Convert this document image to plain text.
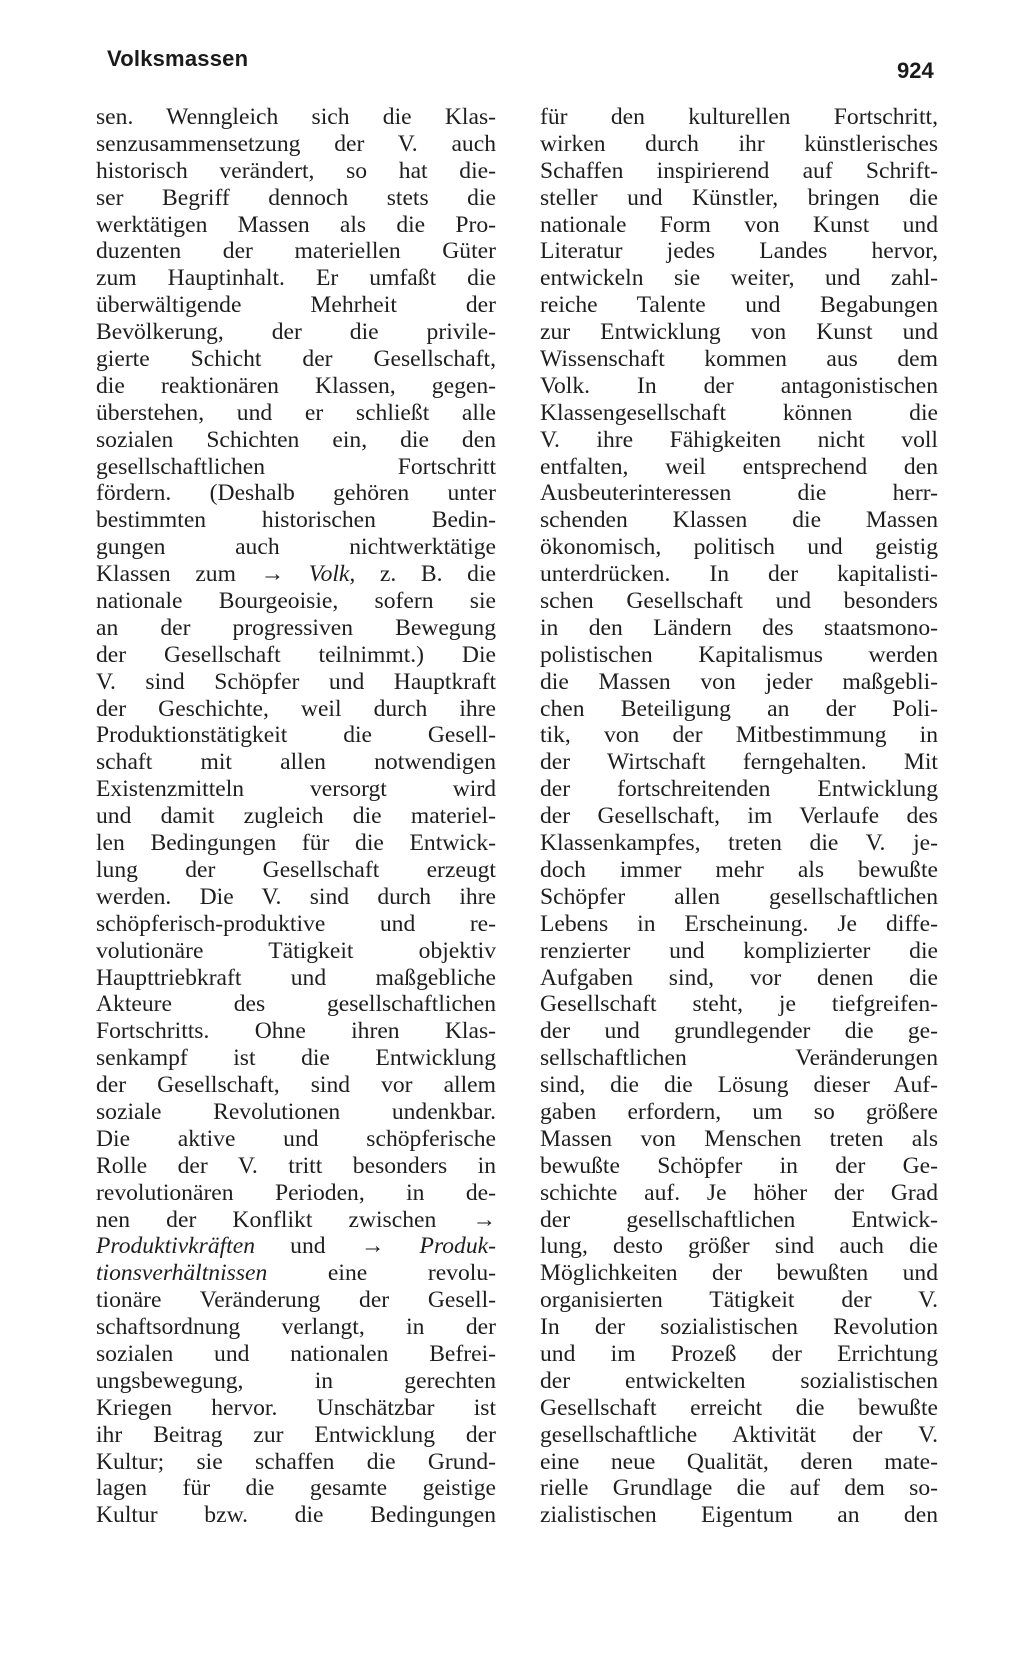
Volksmassen	924
sen. Wenngleich sich die Klas-
senzusammensetzung der V. auch
historisch verändert, so hat die-
ser Begriff dennoch stets die
werktätigen Massen als die Pro-
duzenten der materiellen Güter
zum Hauptinhalt. Er umfaßt die
überwältigende Mehrheit der
Bevölkerung, der die privile-
gierte Schicht der Gesellschaft,
die reaktionären Klassen, gegen-
überstehen, und er schließt alle
sozialen Schichten ein, die den
gesellschaftlichen Fortschritt
fördern. (Deshalb gehören unter
bestimmten historischen Bedin-
gungen auch nichtwerktätige
Klassen zum → Volk, z. B. die
nationale Bourgeoisie, sofern sie
an der progressiven Bewegung
der Gesellschaft teilnimmt.) Die
V. sind Schöpfer und Hauptkraft
der Geschichte, weil durch ihre
Produktionstätigkeit die Gesell-
schaft mit allen notwendigen
Existenzmitteln versorgt wird
und damit zugleich die materiel-
len Bedingungen für die Entwick-
lung der Gesellschaft erzeugt
werden. Die V. sind durch ihre
schöpferisch-produktive und re-
volutionäre Tätigkeit objektiv
Haupttriebkraft und maßgebliche
Akteure des gesellschaftlichen
Fortschritts. Ohne ihren Klas-
senkampf ist die Entwicklung
der Gesellschaft, sind vor allem
soziale Revolutionen undenkbar.
Die aktive und schöpferische
Rolle der V. tritt besonders in
revolutionären Perioden, in de-
nen der Konflikt zwischen →
Produktivkräften und → Produk-
tionsverhältnissen eine revolu-
tionäre Veränderung der Gesell-
schaftsordnung verlangt, in der
sozialen und nationalen Befrei-
ungsbewegung, in gerechten
Kriegen hervor. Unschätzbar ist
ihr Beitrag zur Entwicklung der
Kultur; sie schaffen die Grund-
lagen für die gesamte geistige
Kultur bzw. die Bedingungen
für den kulturellen Fortschritt,
wirken durch ihr künstlerisches
Schaffen inspirierend auf Schrift-
steller und Künstler, bringen die
nationale Form von Kunst und
Literatur jedes Landes hervor,
entwickeln sie weiter, und zahl-
reiche Talente und Begabungen
zur Entwicklung von Kunst und
Wissenschaft kommen aus dem
Volk. In der antagonistischen
Klassengesellschaft können die
V. ihre Fähigkeiten nicht voll
entfalten, weil entsprechend den
Ausbeuterinteressen die herr-
schenden Klassen die Massen
ökonomisch, politisch und geistig
unterdrücken. In der kapitalisti-
schen Gesellschaft und besonders
in den Ländern des staatsmono-
polistischen Kapitalismus werden
die Massen von jeder maßgebli-
chen Beteiligung an der Poli-
tik, von der Mitbestimmung in
der Wirtschaft ferngehalten. Mit
der fortschreitenden Entwicklung
der Gesellschaft, im Verlaufe des
Klassenkampfes, treten die V. je-
doch immer mehr als bewußte
Schöpfer allen gesellschaftlichen
Lebens in Erscheinung. Je diffe-
renzierter und komplizierter die
Aufgaben sind, vor denen die
Gesellschaft steht, je tiefgreifen-
der und grundlegender die ge-
sellschaftlichen Veränderungen
sind, die die Lösung dieser Auf-
gaben erfordern, um so größere
Massen von Menschen treten als
bewußte Schöpfer in der Ge-
schichte auf. Je höher der Grad
der gesellschaftlichen Entwick-
lung, desto größer sind auch die
Möglichkeiten der bewußten und
organisierten Tätigkeit der V.
In der sozialistischen Revolution
und im Prozeß der Errichtung
der entwickelten sozialistischen
Gesellschaft erreicht die bewußte
gesellschaftliche Aktivität der V.
eine neue Qualität, deren mate-
rielle Grundlage die auf dem so-
zialistischen Eigentum an den
